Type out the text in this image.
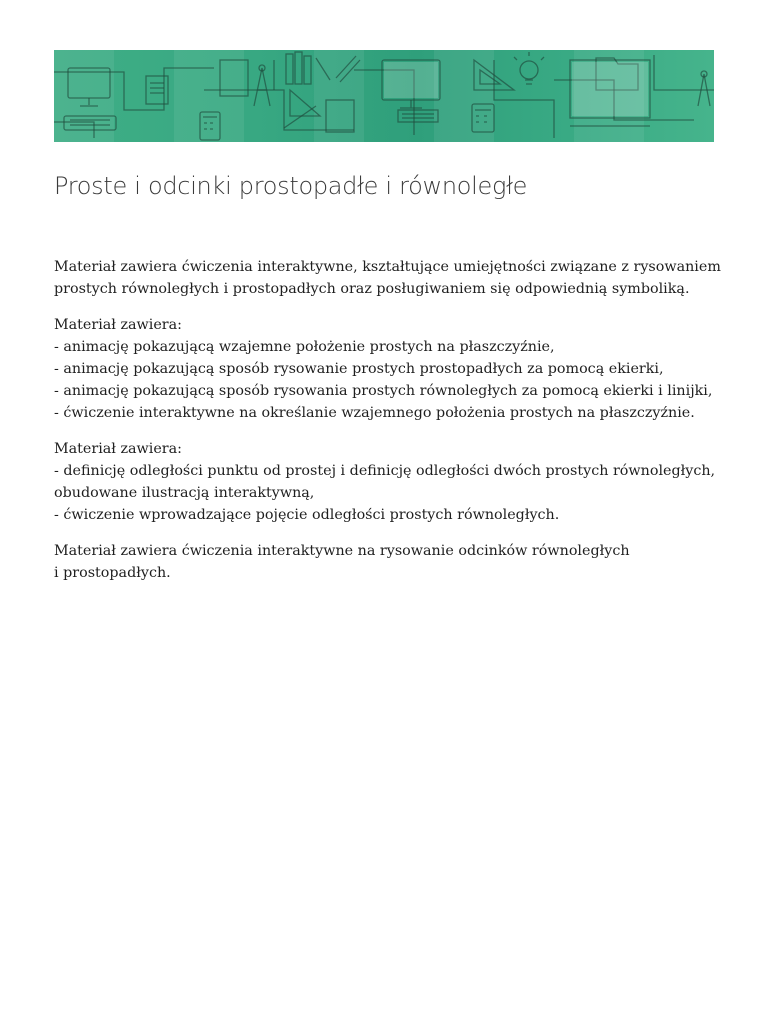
Proste i odcinki prostopadłe i równoległe

Materiał zawiera ćwiczenia interaktywne, kształtujące umiejętności związane z rysowaniem
prostych równoległych i prostopadłych oraz posługiwaniem się odpowiednią symboliką.

Materiał zawiera:
- animację pokazującą wzajemne położenie prostych na płaszczyźnie,
- animację pokazującą sposób rysowanie prostych prostopadłych za pomocą ekierki,
- animację pokazującą sposób rysowania prostych równoległych za pomocą ekierki i linijki,
- ćwiczenie interaktywne na określanie wzajemnego położenia prostych na płaszczyźnie.

Materiał zawiera:
- definicję odległości punktu od prostej i definicję odległości dwóch prostych równoległych,
obudowane ilustracją interaktywną,
- ćwiczenie wprowadzające pojęcie odległości prostych równoległych.

Materiał zawiera ćwiczenia interaktywne na rysowanie odcinków równoległych
i prostopadłych.
